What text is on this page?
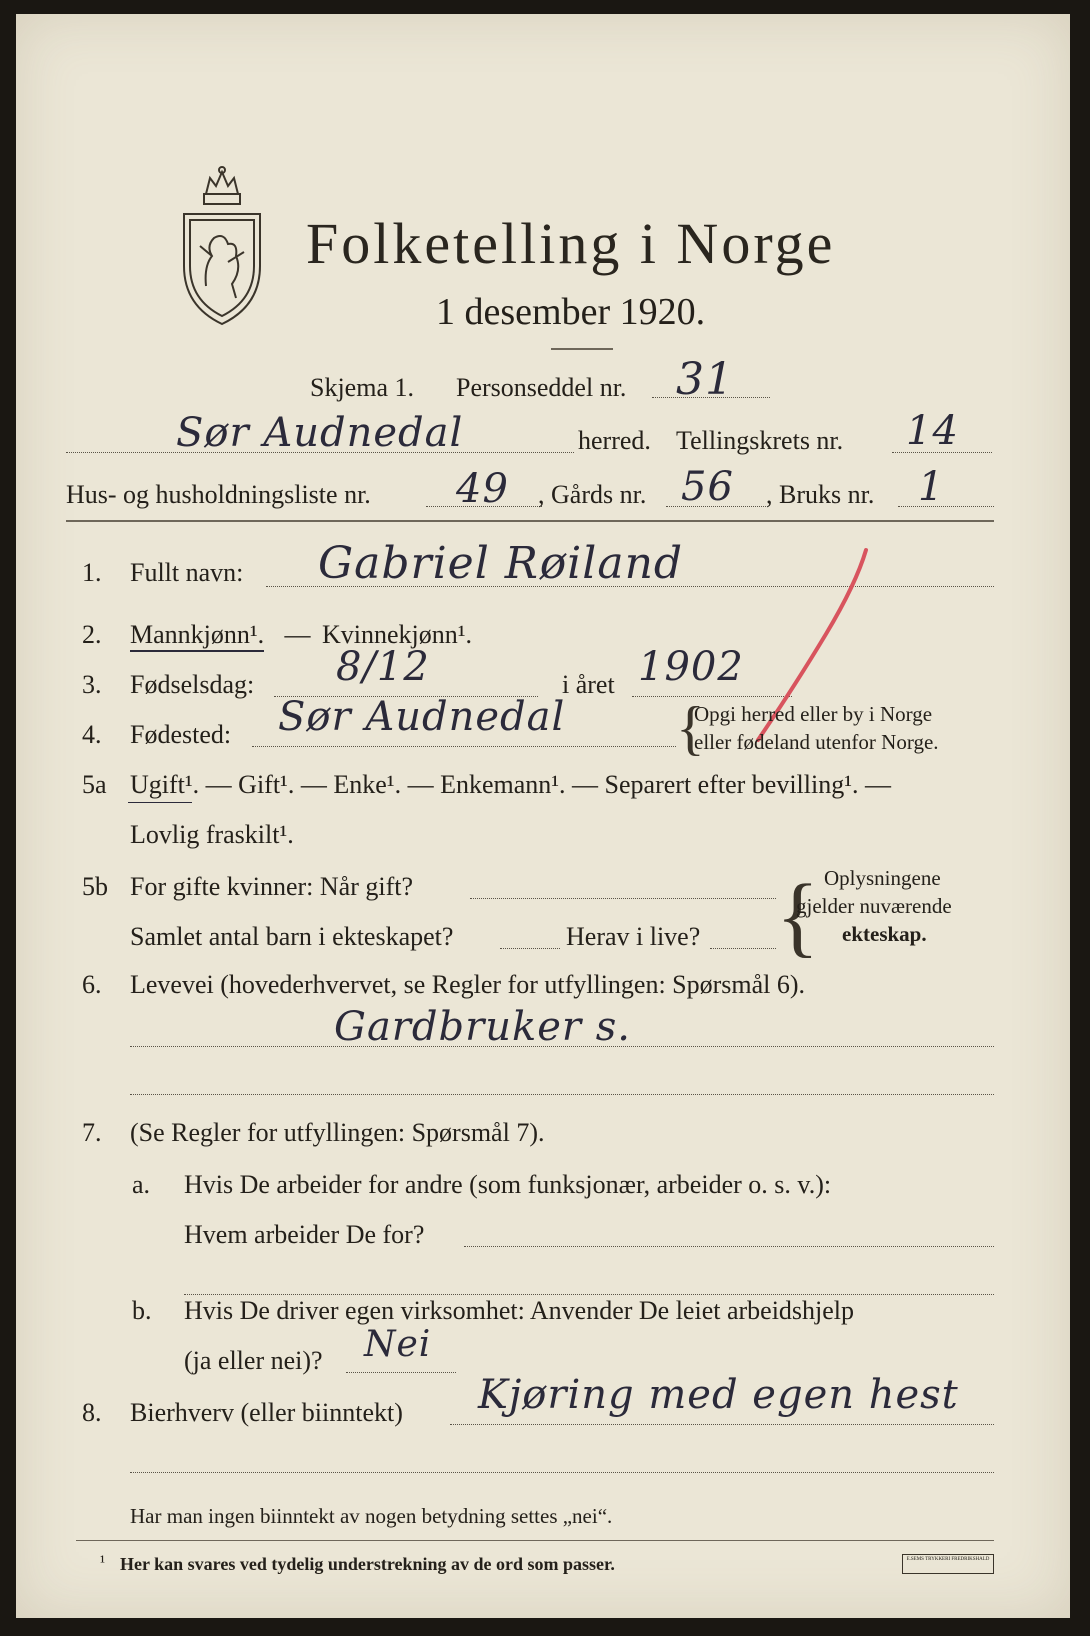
Folketelling i Norge
1 desember 1920.
Skjema 1. Personseddel nr. 31
Sør Audnedal	herred. Tellingskrets nr. 14
Hus- og husholdningsliste nr. 49 , Gårds nr. 56 , Bruks nr. 1
1. Fullt navn: Gabriel Røiland
2. Mannkjønn¹. — Kvinnekjønn¹.
3. Fødselsdag: 8/12	i året 1902
4. Fødested: Sør Audnedal {
Opgi herred eller by i Norge
eller fødeland utenfor Norge.
5a Ugift¹. — Gift¹. — Enke¹. — Enkemann¹. — Separert efter bevilling¹. —
Lovlig fraskilt¹.
5b For gifte kvinner: Når gift?
Samlet antal barn i ekteskapet?	Herav i live? { Oplysningene
gjelder nuværende
ekteskap.
6. Levevei (hovederhvervet, se Regler for utfyllingen: Spørsmål 6).
Gardbruker s.
7. (Se Regler for utfyllingen: Spørsmål 7).
a. Hvis De arbeider for andre (som funksjonær, arbeider o. s. v.):
Hvem arbeider De for?
b. Hvis De driver egen virksomhet: Anvender De leiet arbeidshjelp
(ja eller nei)? Nei
8. Bierhverv (eller biinntekt) Kjøring med egen hest
Har man ingen biinntekt av nogen betydning settes „nei“.
¹ Her kan svares ved tydelig understrekning av de ord som passer.	E.SEMS TRYKKERI FREDRIKSHALD
